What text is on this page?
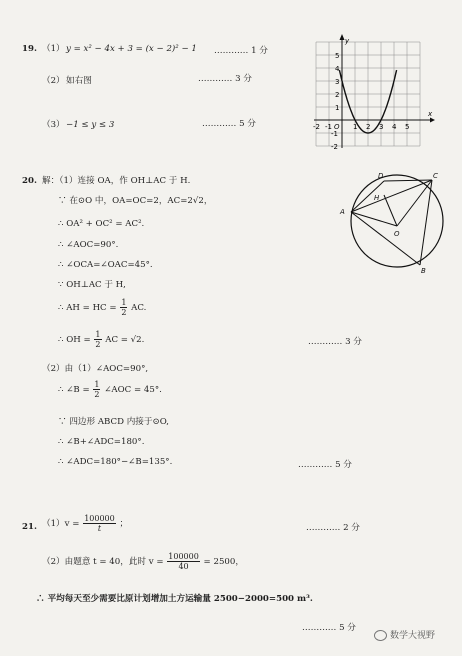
19. （1） y = x² − 4x + 3 = (x − 2)² − 1 ………… 1 分
（2） 如右图	………… 3 分
（3） −1 ≤ y ≤ 3	………… 5 分
x
y
O
-2 -1	1 2 3 4 5
5
4
3
2
1
-1
-2
20. 解：（1）连接 OA，作 OH⊥AC 于 H.
∵ 在⊙O 中，OA=OC=2，AC=2√2，
∴ OA² + OC² = AC².
∴ ∠AOC=90°.
∴ ∠OCA=∠OAC=45°.
∵ OH⊥AC 于 H,
∴ AH = HC = $\frac{1}{2}$ AC.
∴ OH = $\frac{1}{2}$ AC = √2.	………… 3 分
（2）由（1）∠AOC=90°,
∴ ∠B = $\frac{1}{2}$ ∠AOC = 45°.
∵ 四边形 ABCD 内接于⊙O,
∴ ∠B+∠ADC=180°.
∴ ∠ADC=180°−∠B=135°.	………… 5 分
A
B
C
D
H
O
21. $(1)v = \frac{100000}{t}$ ；	………… 2 分
（2）由题意 t = 40，此时 $v = \frac{100000}{40} = 2500$，
∴ 平均每天至少需要比原计划增加土方运输量 2500−2000=500 m³.
………… 5 分
数学大视野
